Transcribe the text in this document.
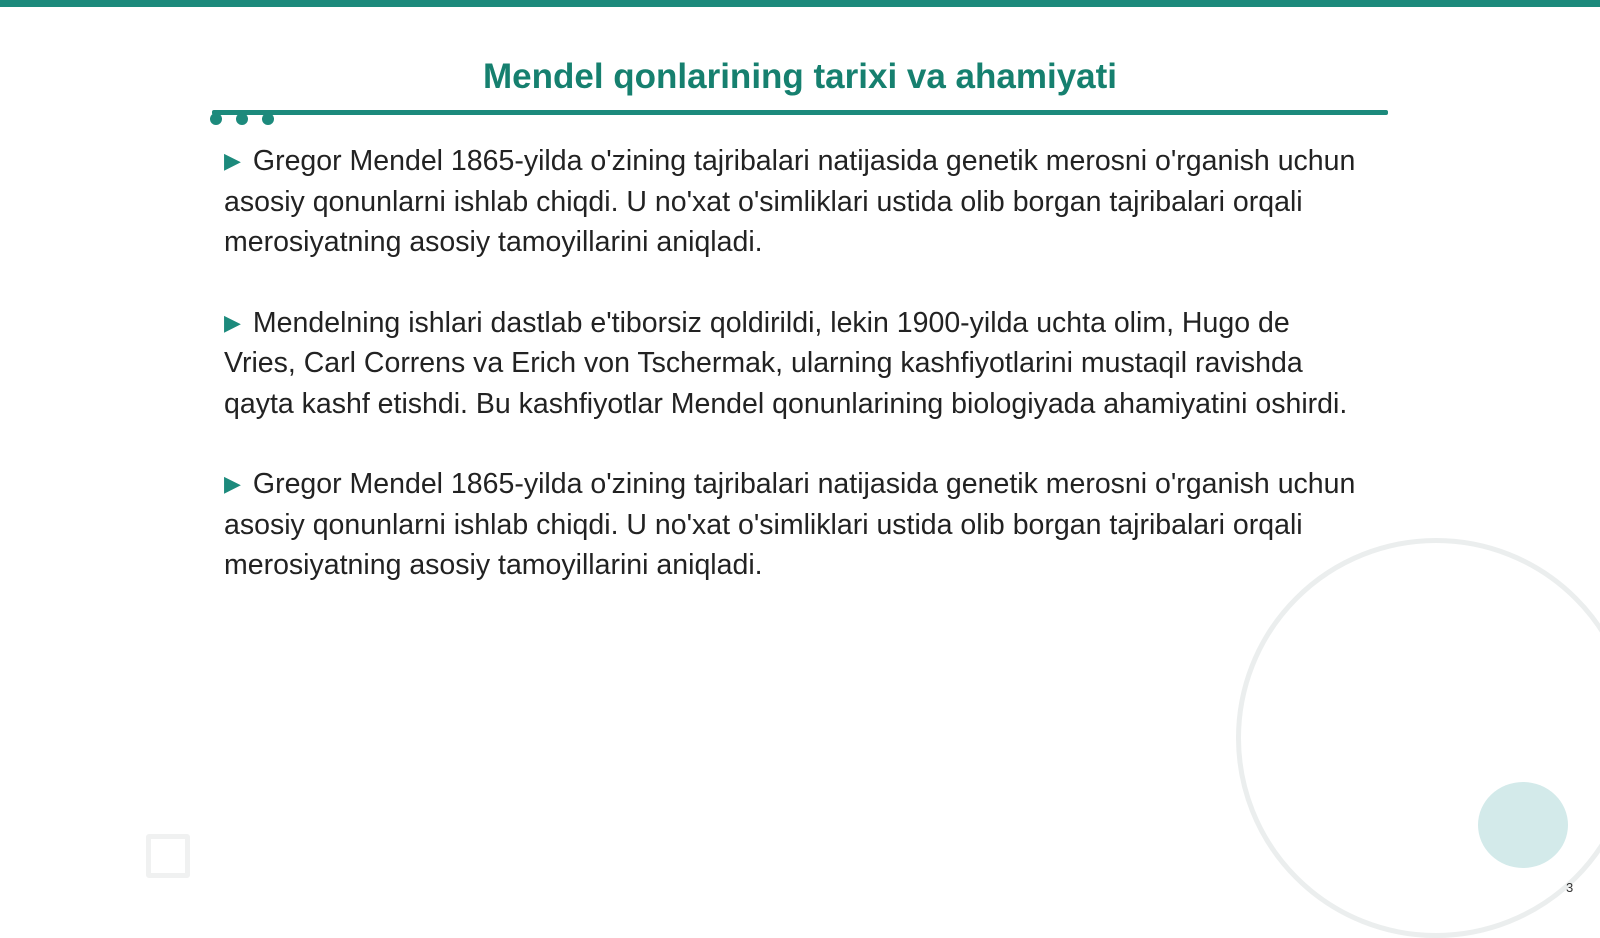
Mendel qonlarining tarixi va ahamiyati

▶ Gregor Mendel 1865-yilda o'zining tajribalari natijasida genetik merosni o'rganish uchun asosiy qonunlarni ishlab chiqdi. U no'xat o'simliklari ustida olib borgan tajribalari orqali merosiyatning asosiy tamoyillarini aniqladi.

▶ Mendelning ishlari dastlab e'tiborsiz qoldirildi, lekin 1900-yilda uchta olim, Hugo de Vries, Carl Correns va Erich von Tschermak, ularning kashfiyotlarini mustaqil ravishda qayta kashf etishdi. Bu kashfiyotlar Mendel qonunlarining biologiyada ahamiyatini oshirdi.

▶ Gregor Mendel 1865-yilda o'zining tajribalari natijasida genetik merosni o'rganish uchun asosiy qonunlarni ishlab chiqdi. U no'xat o'simliklari ustida olib borgan tajribalari orqali merosiyatning asosiy tamoyillarini aniqladi.

3
